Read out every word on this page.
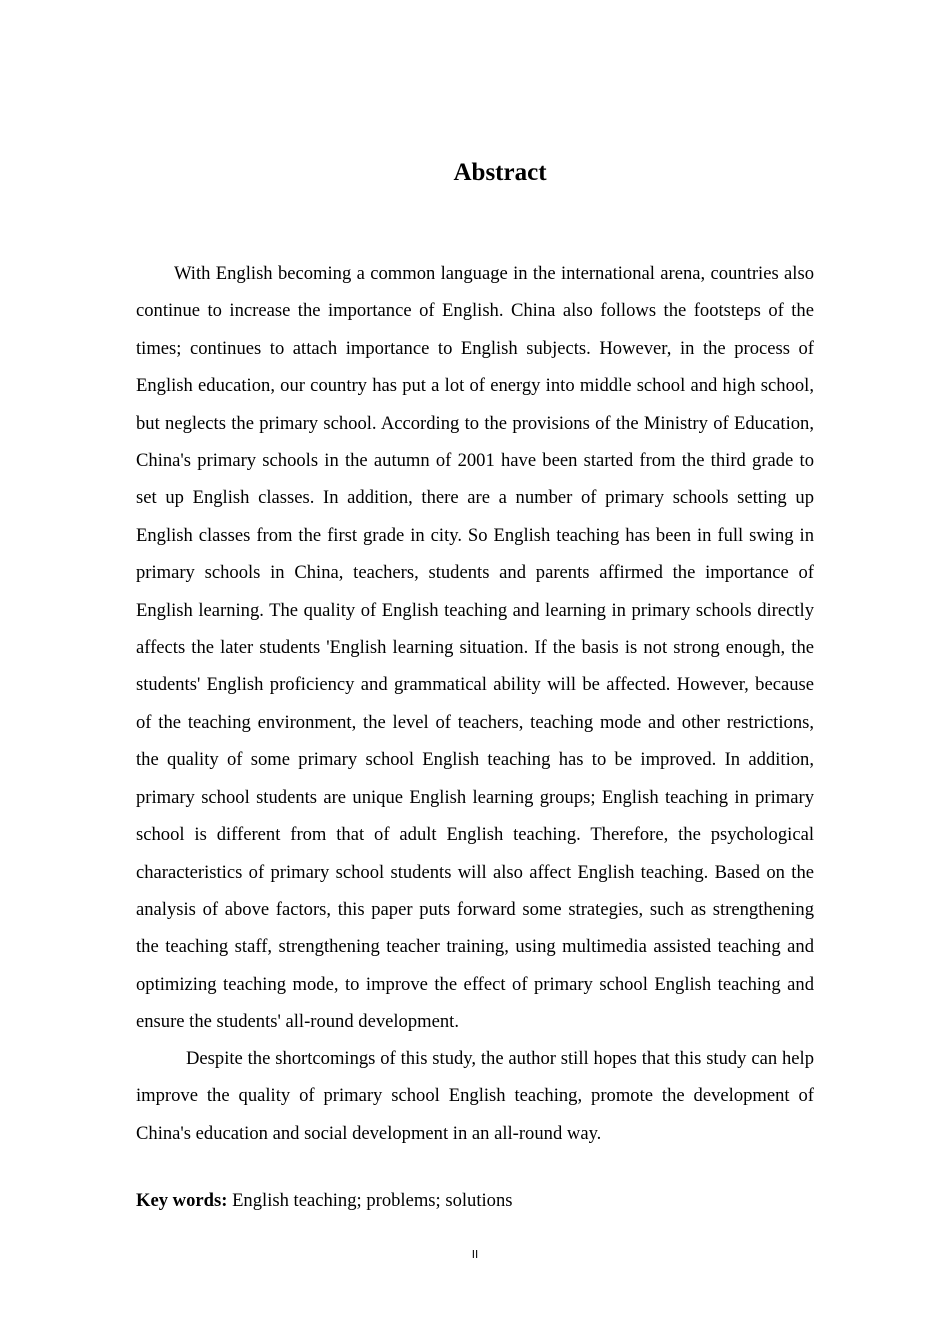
Abstract

With English becoming a common language in the international arena, countries also continue to increase the importance of English. China also follows the footsteps of the times; continues to attach importance to English subjects. However, in the process of English education, our country has put a lot of energy into middle school and high school, but neglects the primary school. According to the provisions of the Ministry of Education, China's primary schools in the autumn of 2001 have been started from the third grade to set up English classes. In addition, there are a number of primary schools setting up English classes from the first grade in city. So English teaching has been in full swing in primary schools in China, teachers, students and parents affirmed the importance of English learning. The quality of English teaching and learning in primary schools directly affects the later students 'English learning situation. If the basis is not strong enough, the students' English proficiency and grammatical ability will be affected. However, because of the teaching environment, the level of teachers, teaching mode and other restrictions, the quality of some primary school English teaching has to be improved. In addition, primary school students are unique English learning groups; English teaching in primary school is different from that of adult English teaching. Therefore, the psychological characteristics of primary school students will also affect English teaching. Based on the analysis of above factors, this paper puts forward some strategies, such as strengthening the teaching staff, strengthening teacher training, using multimedia assisted teaching and optimizing teaching mode, to improve the effect of primary school English teaching and ensure the students' all-round development.

Despite the shortcomings of this study, the author still hopes that this study can help improve the quality of primary school English teaching, promote the development of China's education and social development in an all-round way.

Key words: English teaching; problems; solutions
II
